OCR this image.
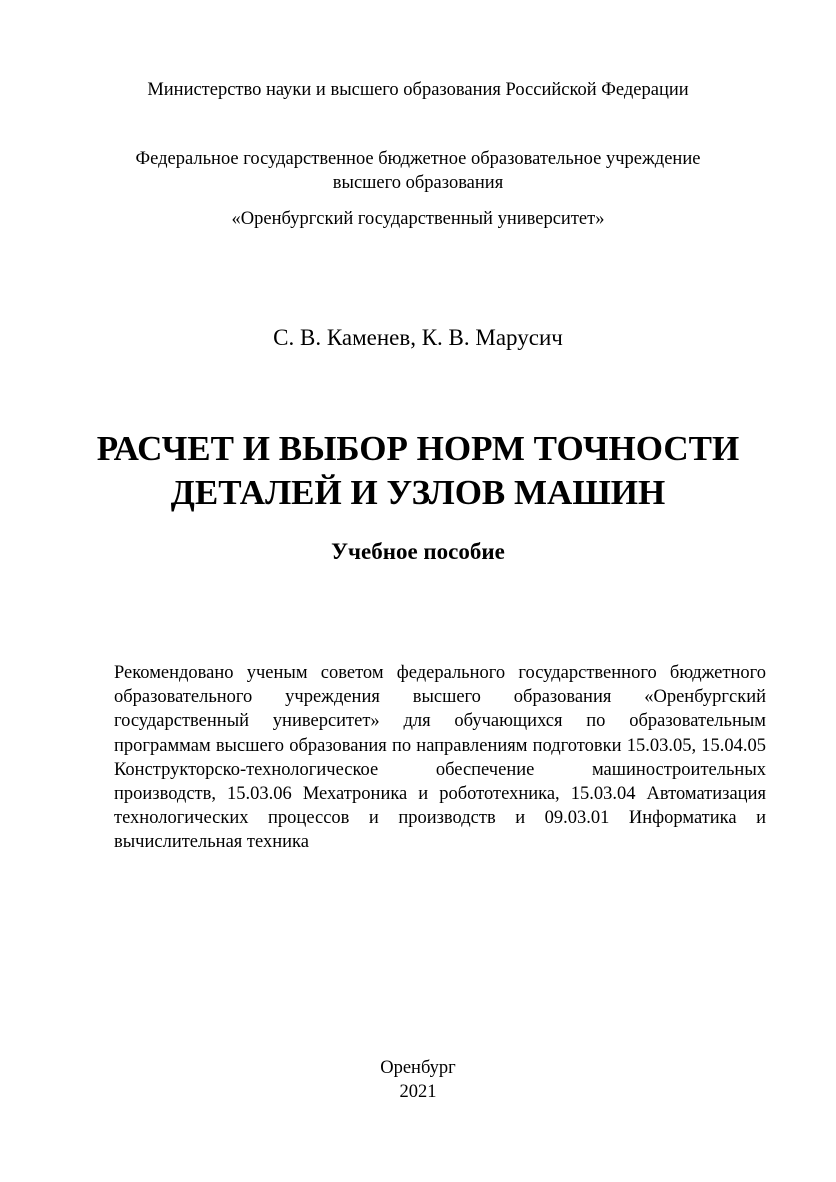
Министерство науки и высшего образования Российской Федерации

Федеральное государственное бюджетное образовательное учреждение

высшего образования

«Оренбургский государственный университет»

С. В. Каменев, К. В. Марусич

РАСЧЕТ И ВЫБОР НОРМ ТОЧНОСТИ
ДЕТАЛЕЙ И УЗЛОВ МАШИН

Учебное пособие

Рекомендовано ученым советом федерального государственного бюджетного образовательного учреждения высшего образования «Оренбургский государственный университет» для обучающихся по образовательным программам высшего образования по направлениям подготовки 15.03.05, 15.04.05 Конструкторско-технологическое обеспечение машиностроительных производств, 15.03.06 Мехатроника и робототехника, 15.03.04 Автоматизация технологических процессов и производств и 09.03.01 Информатика и вычислительная техника

Оренбург

2021
